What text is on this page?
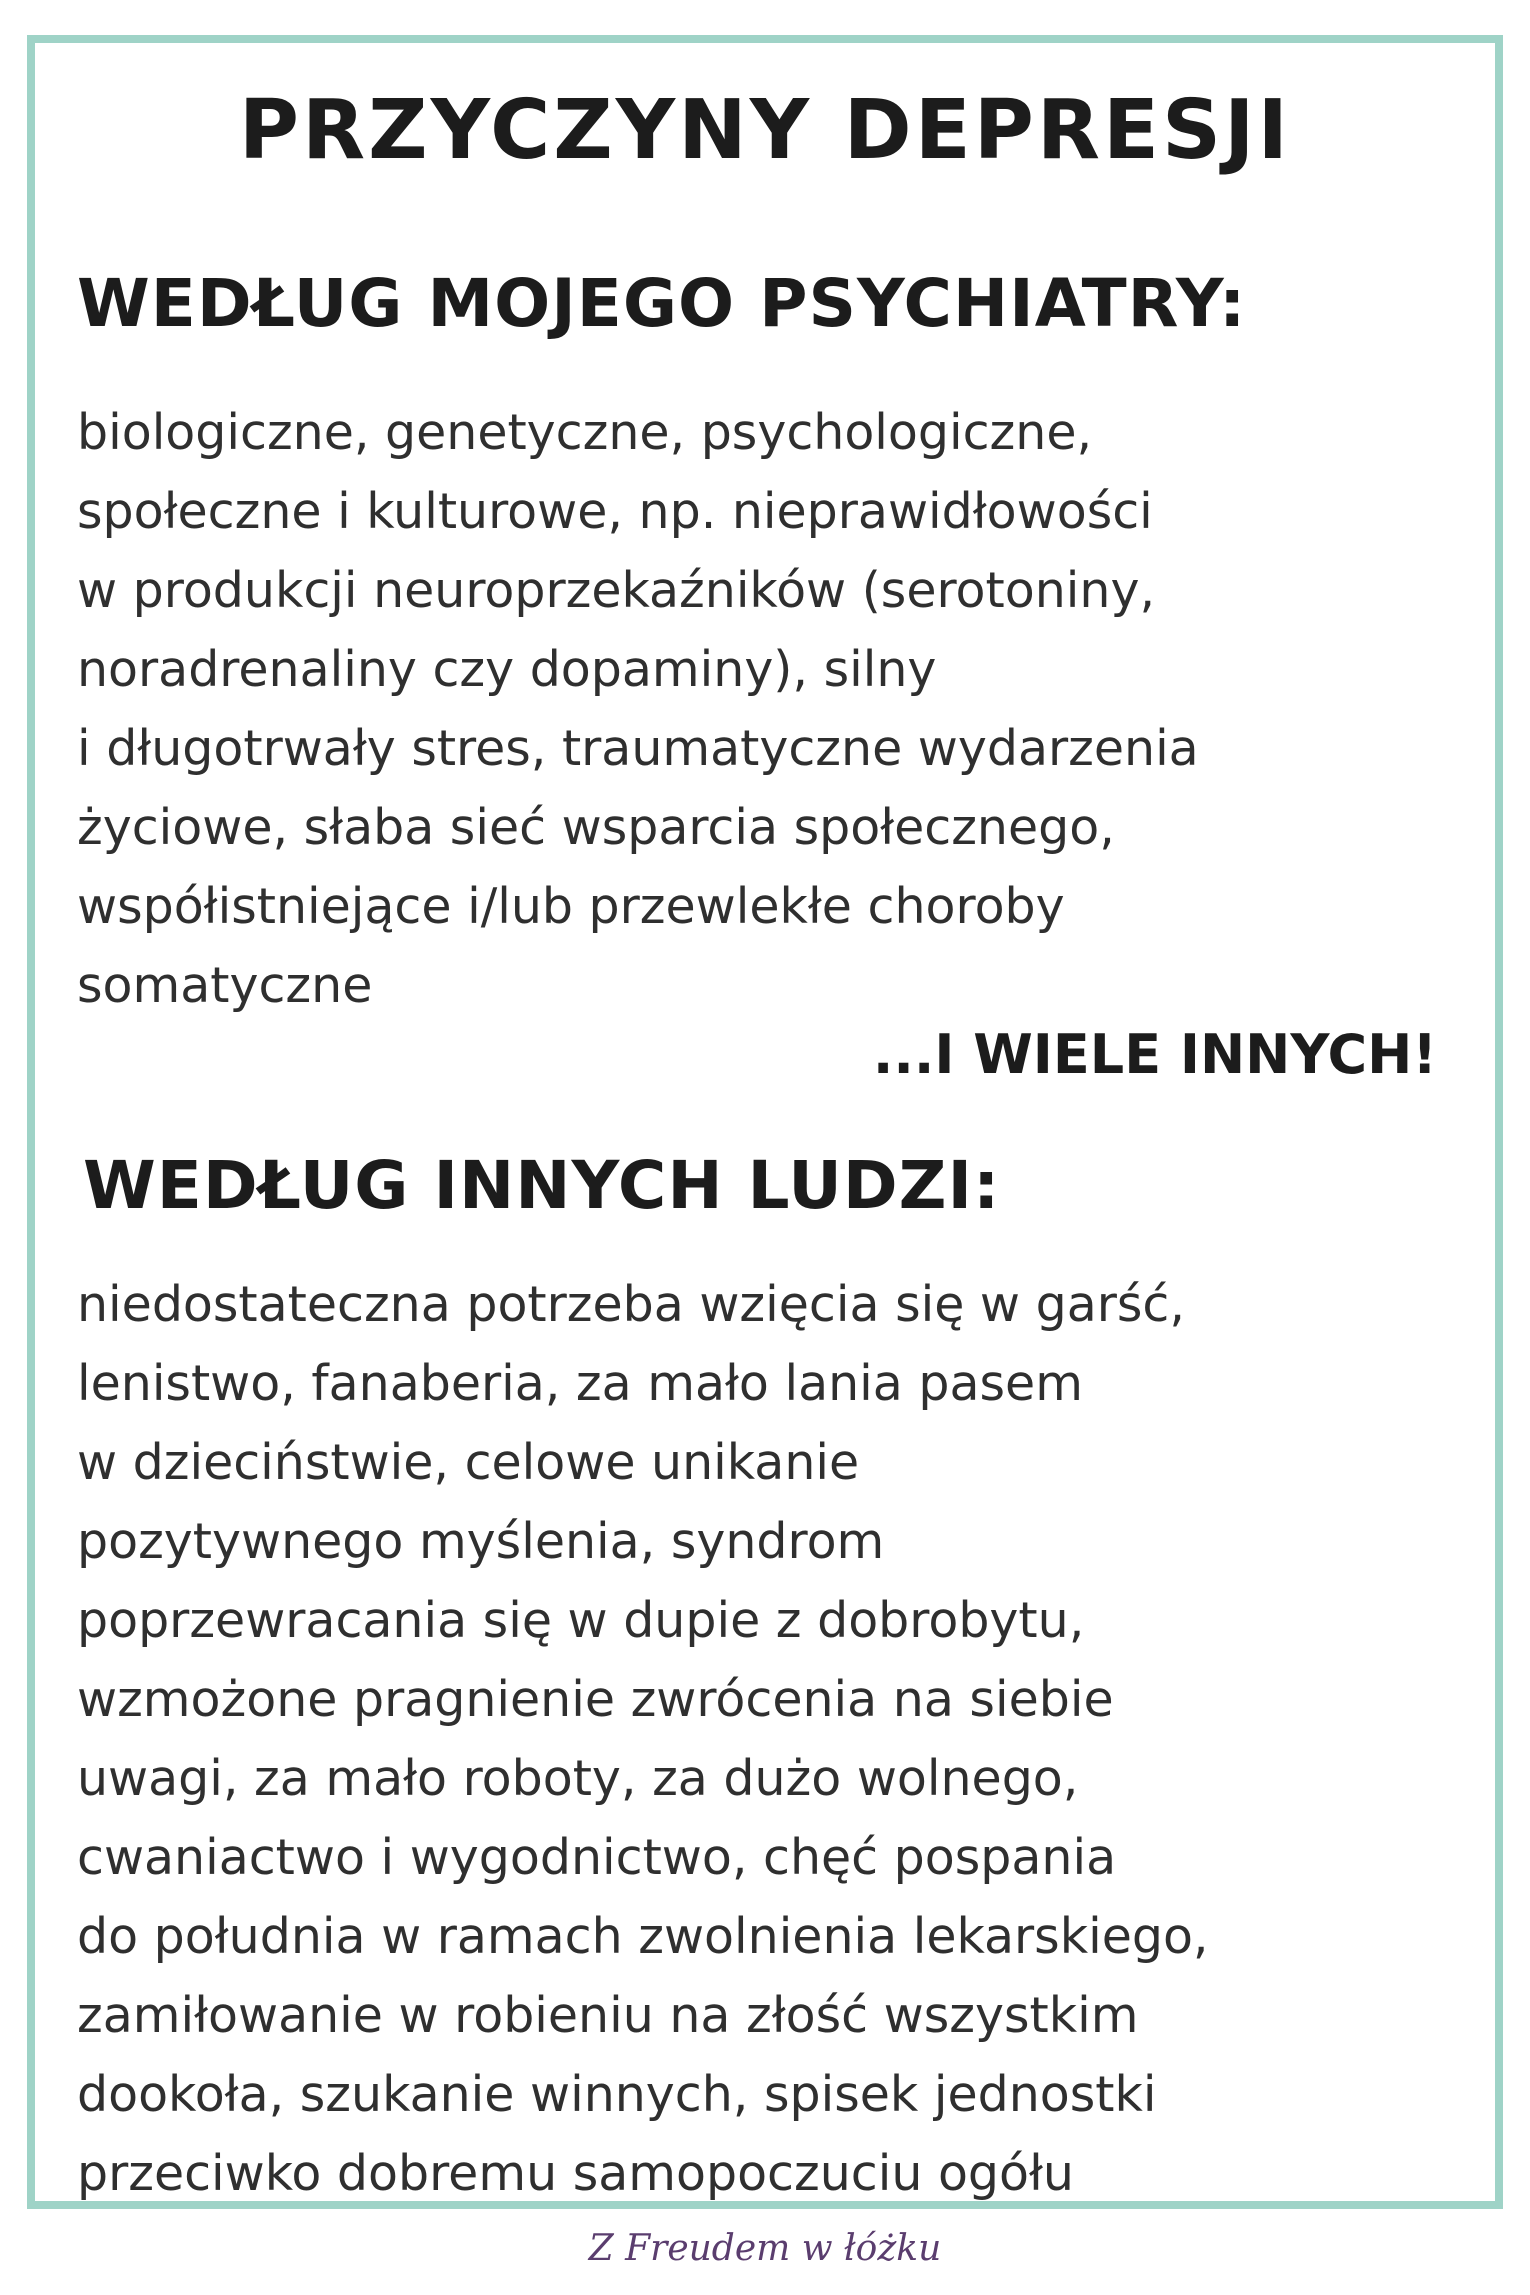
PRZYCZYNY DEPRESJI
WEDŁUG MOJEGO PSYCHIATRY:
biologiczne, genetyczne, psychologiczne,
społeczne i kulturowe, np. nieprawidłowości
w produkcji neuroprzekaźników (serotoniny,
noradrenaliny czy dopaminy), silny
i długotrwały stres, traumatyczne wydarzenia
życiowe, słaba sieć wsparcia społecznego,
współistniejące i/lub przewlekłe choroby
somatyczne

...I WIELE INNYCH!

WEDŁUG INNYCH LUDZI:
niedostateczna potrzeba wzięcia się w garść,
lenistwo, fanaberia, za mało lania pasem
w dzieciństwie, celowe unikanie
pozytywnego myślenia, syndrom
poprzewracania się w dupie z dobrobytu,
wzmożone pragnienie zwrócenia na siebie
uwagi, za mało roboty, za dużo wolnego,
cwaniactwo i wygodnictwo, chęć pospania
do południa w ramach zwolnienia lekarskiego,
zamiłowanie w robieniu na złość wszystkim
dookoła, szukanie winnych, spisek jednostki
przeciwko dobremu samopoczuciu ogółu
Z Freudem w łóżku
